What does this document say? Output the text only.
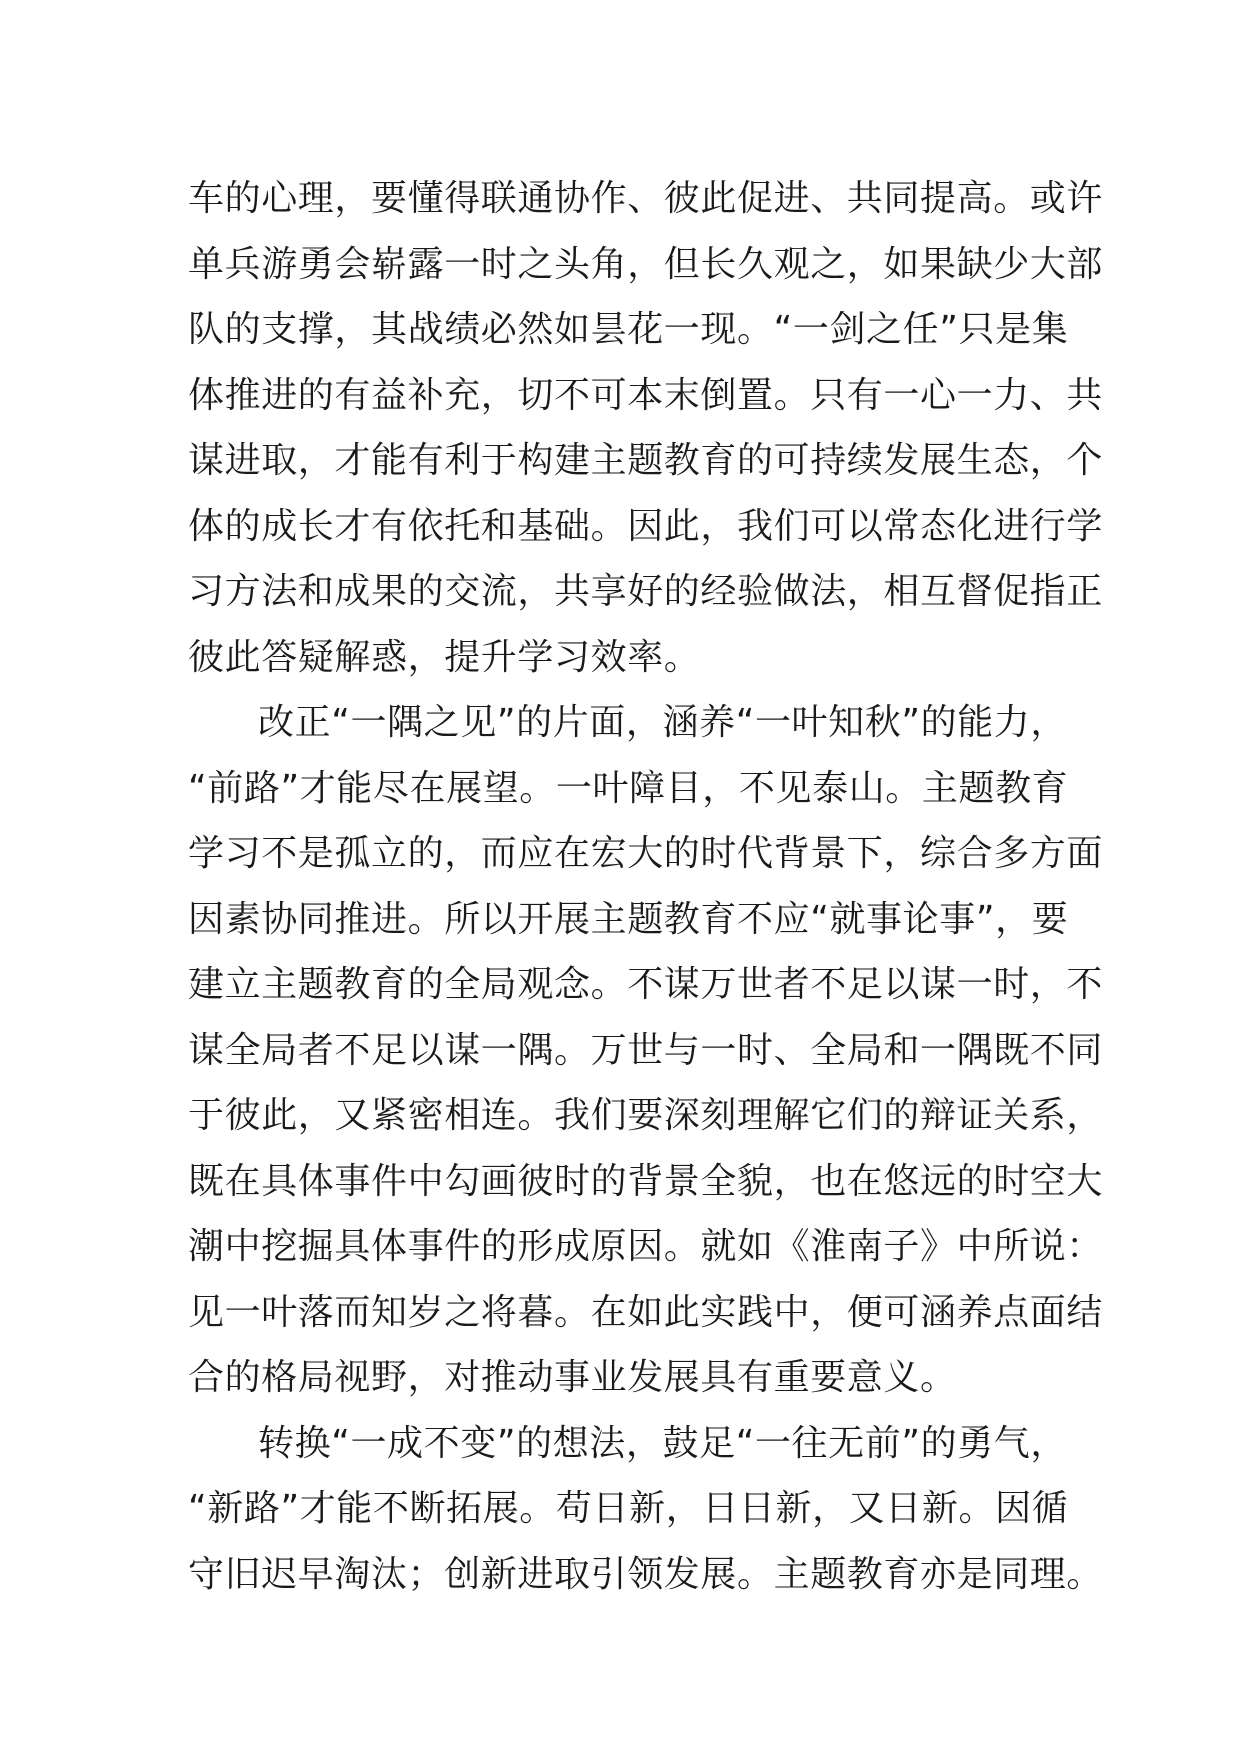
车的心理，要懂得联通协作、彼此促进、共同提高。或许
单兵游勇会崭露一时之头角，但长久观之，如果缺少大部
队的支撑，其战绩必然如昙花一现。“一剑之任”只是集
体推进的有益补充，切不可本末倒置。只有一心一力、共
谋进取，才能有利于构建主题教育的可持续发展生态，个
体的成长才有依托和基础。因此，我们可以常态化进行学
习方法和成果的交流，共享好的经验做法，相互督促指正
彼此答疑解惑，提升学习效率。
改正“一隅之见”的片面，涵养“一叶知秋”的能力，
“前路”才能尽在展望。一叶障目，不见泰山。主题教育
学习不是孤立的，而应在宏大的时代背景下，综合多方面
因素协同推进。所以开展主题教育不应“就事论事”，要
建立主题教育的全局观念。不谋万世者不足以谋一时，不
谋全局者不足以谋一隅。万世与一时、全局和一隅既不同
于彼此，又紧密相连。我们要深刻理解它们的辩证关系，
既在具体事件中勾画彼时的背景全貌，也在悠远的时空大
潮中挖掘具体事件的形成原因。就如《淮南子》中所说：
见一叶落而知岁之将暮。在如此实践中，便可涵养点面结
合的格局视野，对推动事业发展具有重要意义。
转换“一成不变”的想法，鼓足“一往无前”的勇气，
“新路”才能不断拓展。苟日新，日日新，又日新。因循
守旧迟早淘汰；创新进取引领发展。主题教育亦是同理。
